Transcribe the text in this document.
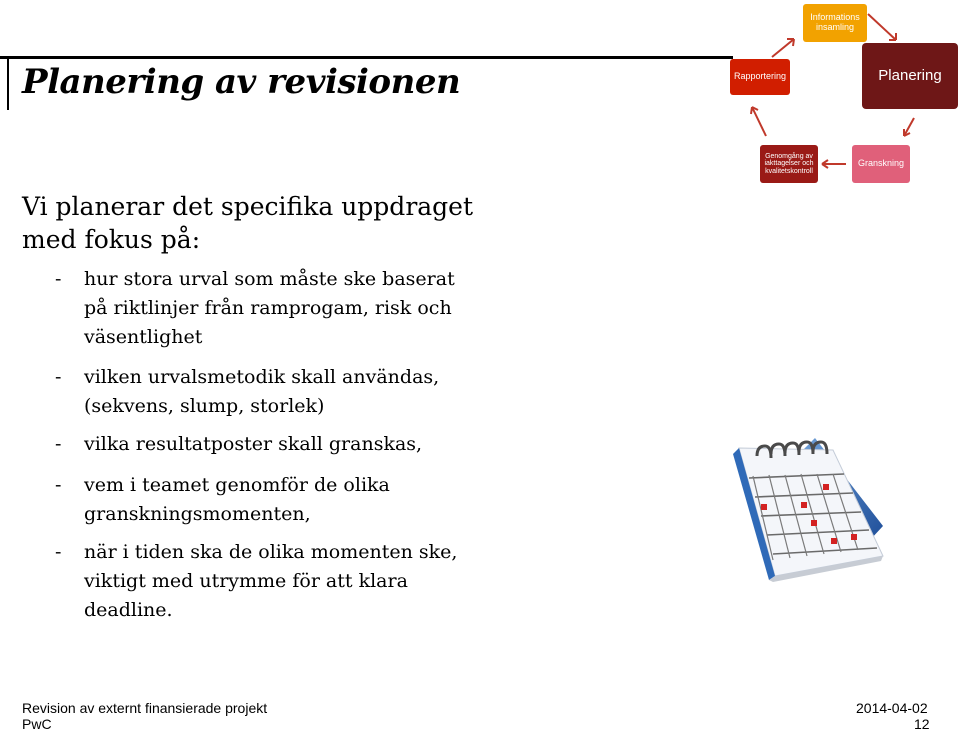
Planering av revisionen
Informations insamling
Rapportering	Planering
Genomgång av iakttagelser och kvalitetskontroll
Granskning
Vi planerar det specifika uppdraget med fokus på:
- hur stora urval som måste ske baserat på riktlinjer från ramprogam, risk och väsentlighet
- vilken urvalsmetodik skall användas, (sekvens, slump, storlek)
- vilka resultatposter skall granskas,
- vem i teamet genomför de olika granskningsmomenten,
- när i tiden ska de olika momenten ske, viktigt med utrymme för att klara deadline.
Revision av externt finansierade projekt
PwC
2014-04-02
12
